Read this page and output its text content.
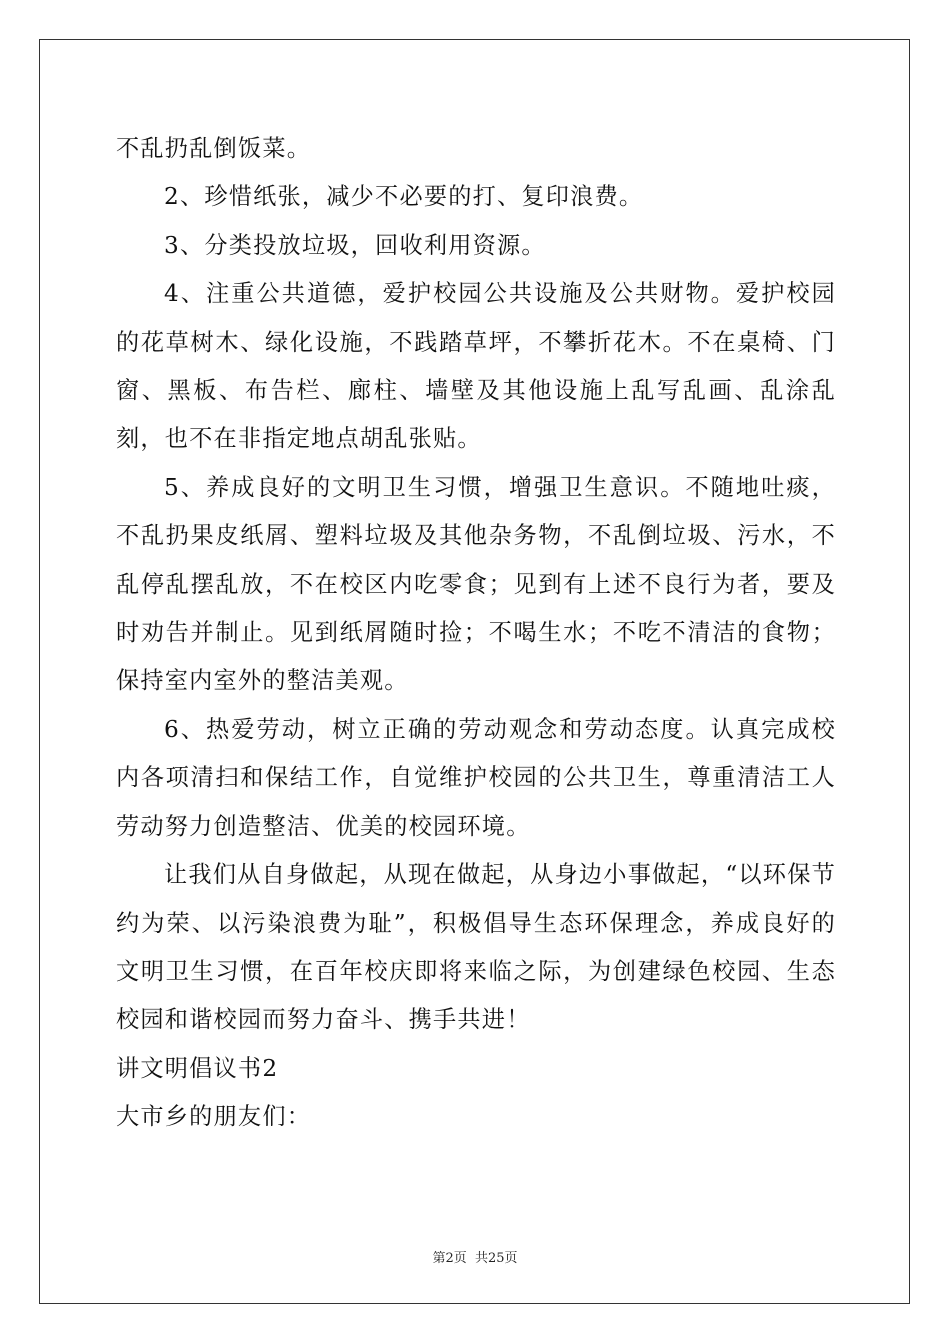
不乱扔乱倒饭菜。

2、珍惜纸张，减少不必要的打、复印浪费。

3、分类投放垃圾，回收利用资源。

4、注重公共道德，爱护校园公共设施及公共财物。爱护校园的花草树木、绿化设施，不践踏草坪，不攀折花木。不在桌椅、门窗、黑板、布告栏、廊柱、墙壁及其他设施上乱写乱画、乱涂乱刻，也不在非指定地点胡乱张贴。

5、养成良好的文明卫生习惯，增强卫生意识。不随地吐痰，不乱扔果皮纸屑、塑料垃圾及其他杂务物，不乱倒垃圾、污水，不乱停乱摆乱放，不在校区内吃零食；见到有上述不良行为者，要及时劝告并制止。见到纸屑随时捡；不喝生水；不吃不清洁的食物；保持室内室外的整洁美观。

6、热爱劳动，树立正确的劳动观念和劳动态度。认真完成校内各项清扫和保结工作，自觉维护校园的公共卫生，尊重清洁工人劳动努力创造整洁、优美的校园环境。

让我们从自身做起，从现在做起，从身边小事做起，“以环保节约为荣、以污染浪费为耻”，积极倡导生态环保理念，养成良好的文明卫生习惯，在百年校庆即将来临之际，为创建绿色校园、生态校园和谐校园而努力奋斗、携手共进！

讲文明倡议书2

大市乡的朋友们：

第2页 共25页
